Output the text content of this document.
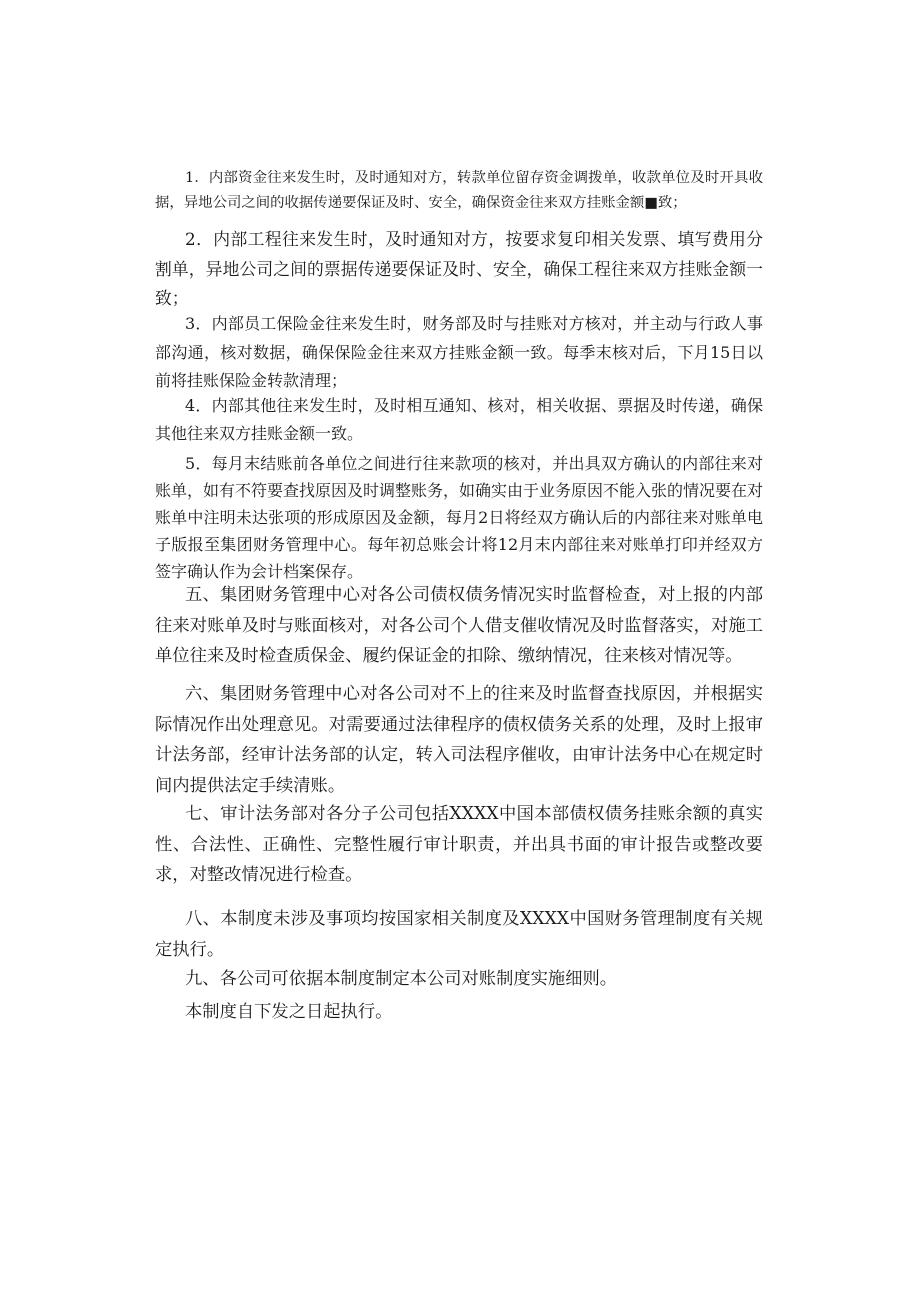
1．内部资金往来发生时，及时通知对方，转款单位留存资金调拨单，收款单位及时开具收据，异地公司之间的收据传递要保证及时、安全，确保资金往来双方挂账金额■致；

2．内部工程往来发生时，及时通知对方，按要求复印相关发票、填写费用分割单，异地公司之间的票据传递要保证及时、安全，确保工程往来双方挂账金额一致；

3．内部员工保险金往来发生时，财务部及时与挂账对方核对，并主动与行政人事部沟通，核对数据，确保保险金往来双方挂账金额一致。每季末核对后，下月15日以前将挂账保险金转款清理；

4．内部其他往来发生时，及时相互通知、核对，相关收据、票据及时传递，确保其他往来双方挂账金额一致。

5．每月末结账前各单位之间进行往来款项的核对，并出具双方确认的内部往来对账单，如有不符要查找原因及时调整账务，如确实由于业务原因不能入张的情况要在对账单中注明未达张项的形成原因及金额，每月2日将经双方确认后的内部往来对账单电子版报至集团财务管理中心。每年初总账会计将12月末内部往来对账单打印并经双方签字确认作为会计档案保存。

五、集团财务管理中心对各公司债权债务情况实时监督检查，对上报的内部往来对账单及时与账面核对，对各公司个人借支催收情况及时监督落实，对施工单位往来及时检查质保金、履约保证金的扣除、缴纳情况，往来核对情况等。

六、集团财务管理中心对各公司对不上的往来及时监督查找原因，并根据实际情况作出处理意见。对需要通过法律程序的债权债务关系的处理，及时上报审计法务部，经审计法务部的认定，转入司法程序催收，由审计法务中心在规定时间内提供法定手续清账。

七、审计法务部对各分子公司包括XXXX中国本部债权债务挂账余额的真实性、合法性、正确性、完整性履行审计职责，并出具书面的审计报告或整改要求，对整改情况进行检查。

八、本制度未涉及事项均按国家相关制度及XXXX中国财务管理制度有关规定执行。

九、各公司可依据本制度制定本公司对账制度实施细则。

本制度自下发之日起执行。
